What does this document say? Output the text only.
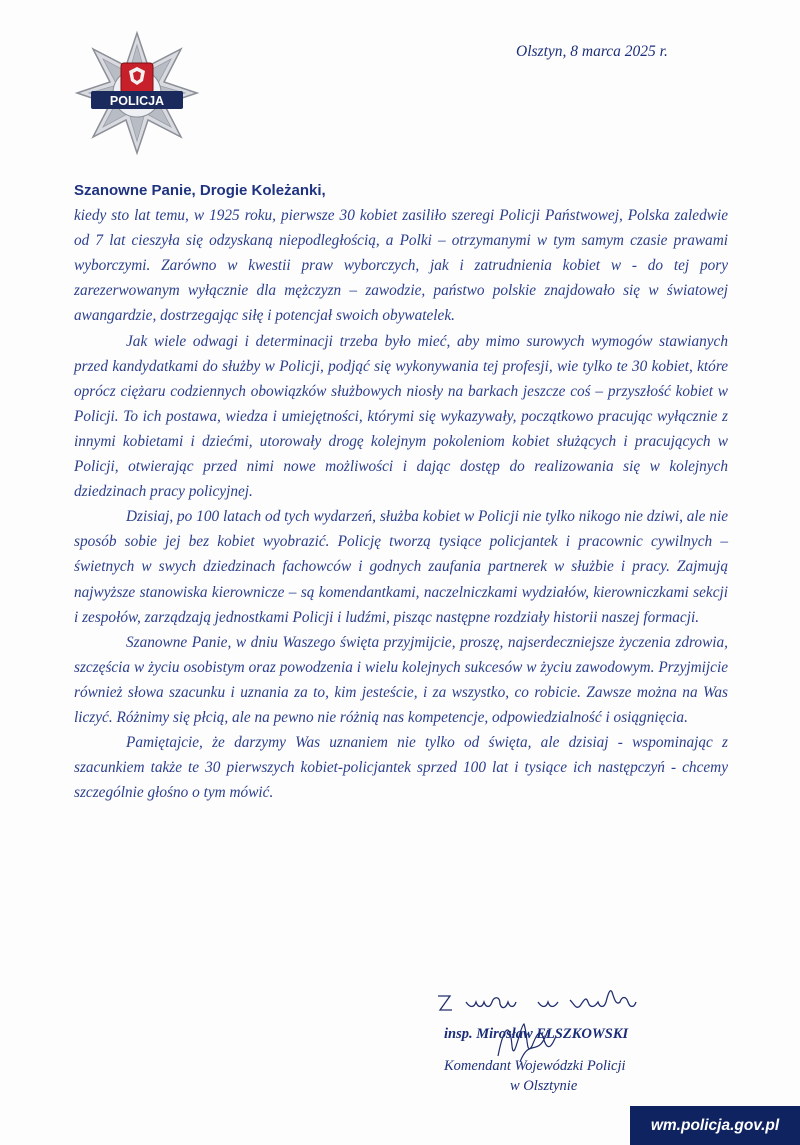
POLICJA
Olsztyn, 8 marca 2025 r.

Szanowne Panie, Drogie Koleżanki,

kiedy sto lat temu, w 1925 roku, pierwsze 30 kobiet zasiliło szeregi Policji Państwowej, Polska zaledwie od 7 lat cieszyła się odzyskaną niepodległością, a Polki – otrzymanymi w tym samym czasie prawami wyborczymi. Zarówno w kwestii praw wyborczych, jak i zatrudnienia kobiet w - do tej pory zarezerwowanym wyłącznie dla mężczyzn – zawodzie, państwo polskie znajdowało się w światowej awangardzie, dostrzegając siłę i potencjał swoich obywatelek.

Jak wiele odwagi i determinacji trzeba było mieć, aby mimo surowych wymogów stawianych przed kandydatkami do służby w Policji, podjąć się wykonywania tej profesji, wie tylko te 30 kobiet, które oprócz ciężaru codziennych obowiązków służbowych niosły na barkach jeszcze coś – przyszłość kobiet w Policji. To ich postawa, wiedza i umiejętności, którymi się wykazywały, początkowo pracując wyłącznie z innymi kobietami i dziećmi, utorowały drogę kolejnym pokoleniom kobiet służących i pracujących w Policji, otwierając przed nimi nowe możliwości i dając dostęp do realizowania się w kolejnych dziedzinach pracy policyjnej.

Dzisiaj, po 100 latach od tych wydarzeń, służba kobiet w Policji nie tylko nikogo nie dziwi, ale nie sposób sobie jej bez kobiet wyobrazić. Policję tworzą tysiące policjantek i pracownic cywilnych – świetnych w swych dziedzinach fachowców i godnych zaufania partnerek w służbie i pracy. Zajmują najwyższe stanowiska kierownicze – są komendantkami, naczelniczkami wydziałów, kierowniczkami sekcji i zespołów, zarządzają jednostkami Policji i ludźmi, pisząc następne rozdziały historii naszej formacji.

Szanowne Panie, w dniu Waszego święta przyjmijcie, proszę, najserdeczniejsze życzenia zdrowia, szczęścia w życiu osobistym oraz powodzenia i wielu kolejnych sukcesów w życiu zawodowym. Przyjmijcie również słowa szacunku i uznania za to, kim jesteście, i za wszystko, co robicie. Zawsze można na Was liczyć. Różnimy się płcią, ale na pewno nie różnią nas kompetencje, odpowiedzialność i osiągnięcia.

Pamiętajcie, że darzymy Was uznaniem nie tylko od święta, ale dzisiaj - wspominając z szacunkiem także te 30 pierwszych kobiet-policjantek sprzed 100 lat i tysiące ich następczyń - chcemy szczególnie głośno o tym mówić.

insp. Mirosław ELSZKOWSKI
Komendant Wojewódzki Policji
w Olsztynie
wm.policja.gov.pl
